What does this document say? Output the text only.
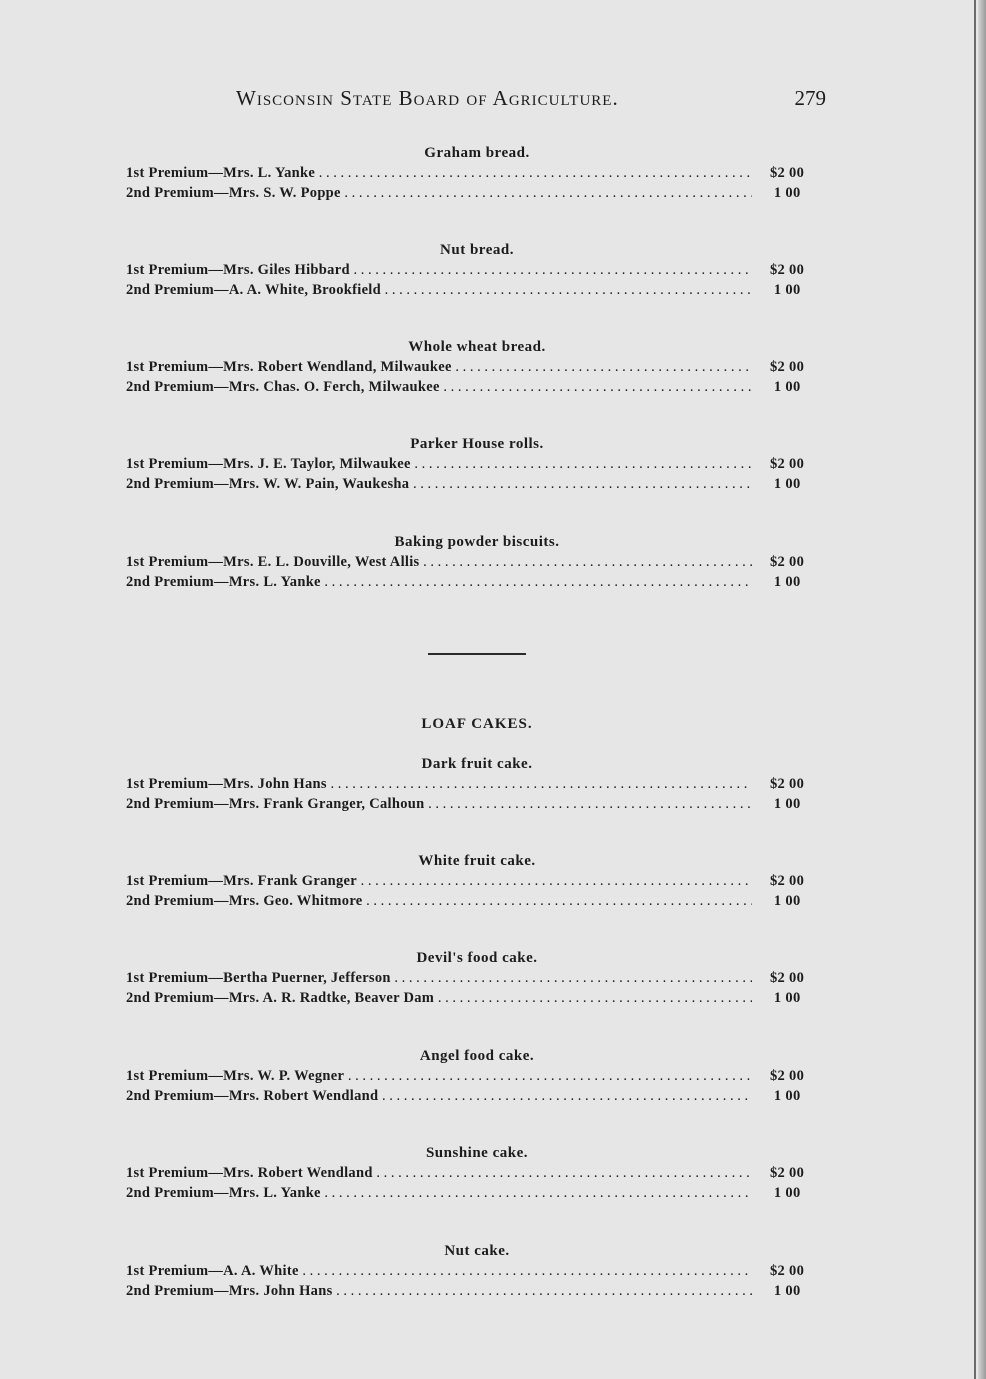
Wisconsin State Board of Agriculture.	279
Graham bread.
1st Premium—Mrs. L. Yanke . . .	$2 00
2nd Premium—Mrs. S. W. Poppe . . .	1 00
Nut bread.
1st Premium—Mrs. Giles Hibbard . . .	$2 00
2nd Premium—A. A. White, Brookfield . . .	1 00
Whole wheat bread.
1st Premium—Mrs. Robert Wendland, Milwaukee . . .	$2 00
2nd Premium—Mrs. Chas. O. Ferch, Milwaukee . . .	1 00
Parker House rolls.
1st Premium—Mrs. J. E. Taylor, Milwaukee . . .	$2 00
2nd Premium—Mrs. W. W. Pain, Waukesha . . .	1 00
Baking powder biscuits.
1st Premium—Mrs. E. L. Douville, West Allis . . .	$2 00
2nd Premium—Mrs. L. Yanke . . .	1 00
LOAF CAKES.
Dark fruit cake.
1st Premium—Mrs. John Hans . . .	$2 00
2nd Premium—Mrs. Frank Granger, Calhoun . . .	1 00
White fruit cake.
1st Premium—Mrs. Frank Granger . . .	$2 00
2nd Premium—Mrs. Geo. Whitmore . . .	1 00
Devil's food cake.
1st Premium—Bertha Puerner, Jefferson . . .	$2 00
2nd Premium—Mrs. A. R. Radtke, Beaver Dam . . .	1 00
Angel food cake.
1st Premium—Mrs. W. P. Wegner . . .	$2 00
2nd Premium—Mrs. Robert Wendland . . .	1 00
Sunshine cake.
1st Premium—Mrs. Robert Wendland . . .	$2 00
2nd Premium—Mrs. L. Yanke . . .	1 00
Nut cake.
1st Premium—A. A. White . . .	$2 00
2nd Premium—Mrs. John Hans . . .	1 00
